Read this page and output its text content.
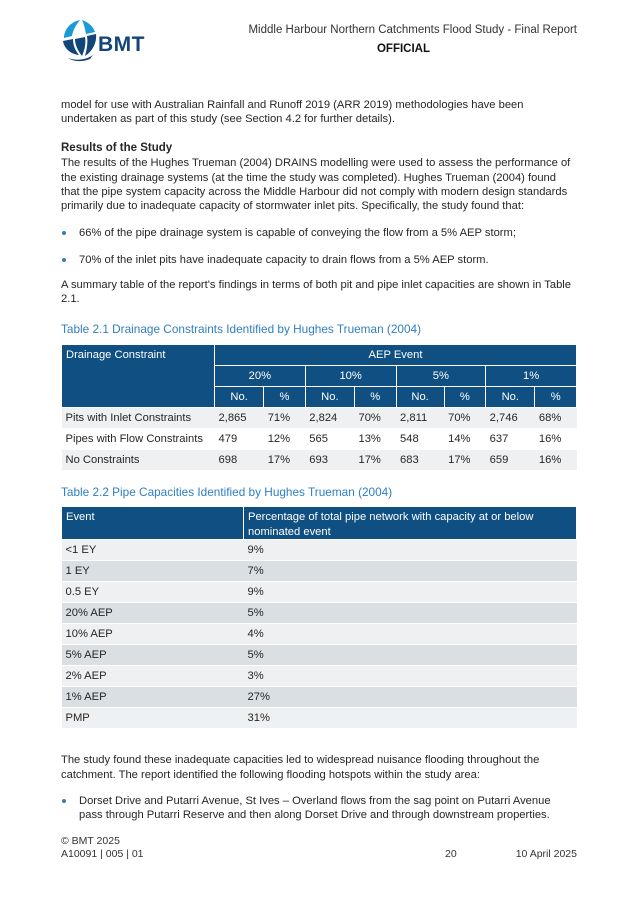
BMT
Middle Harbour Northern Catchments Flood Study - Final Report
OFFICIAL

model for use with Australian Rainfall and Runoff 2019 (ARR 2019) methodologies have been undertaken as part of this study (see Section 4.2 for further details).

Results of the Study

The results of the Hughes Trueman (2004) DRAINS modelling were used to assess the performance of the existing drainage systems (at the time the study was completed). Hughes Trueman (2004) found that the pipe system capacity across the Middle Harbour did not comply with modern design standards primarily due to inadequate capacity of stormwater inlet pits. Specifically, the study found that:

66% of the pipe drainage system is capable of conveying the flow from a 5% AEP storm;
70% of the inlet pits have inadequate capacity to drain flows from a 5% AEP storm.

A summary table of the report's findings in terms of both pit and pipe inlet capacities are shown in Table 2.1.

Table 2.1 Drainage Constraints Identified by Hughes Trueman (2004)
Drainage Constraint	AEP Event							
	20%		10%		5%		1%	
	No.	%	No.	%	No.	%	No.	%
Pits with Inlet Constraints	2,865	71%	2,824	70%	2,811	70%	2,746	68%
Pipes with Flow Constraints	479	12%	565	13%	548	14%	637	16%
No Constraints	698	17%	693	17%	683	17%	659	16%
Table 2.2 Pipe Capacities Identified by Hughes Trueman (2004)
Event	Percentage of total pipe network with capacity at or below nominated event
<1 EY	9%
1 EY	7%
0.5 EY	9%
20% AEP	5%
10% AEP	4%
5% AEP	5%
2% AEP	3%
1% AEP	27%
PMP	31%

The study found these inadequate capacities led to widespread nuisance flooding throughout the catchment. The report identified the following flooding hotspots within the study area:

Dorset Drive and Putarri Avenue, St Ives – Overland flows from the sag point on Putarri Avenue pass through Putarri Reserve and then along Dorset Drive and through downstream properties.
© BMT 2025
A10091 | 005 | 01	20	10 April 2025
